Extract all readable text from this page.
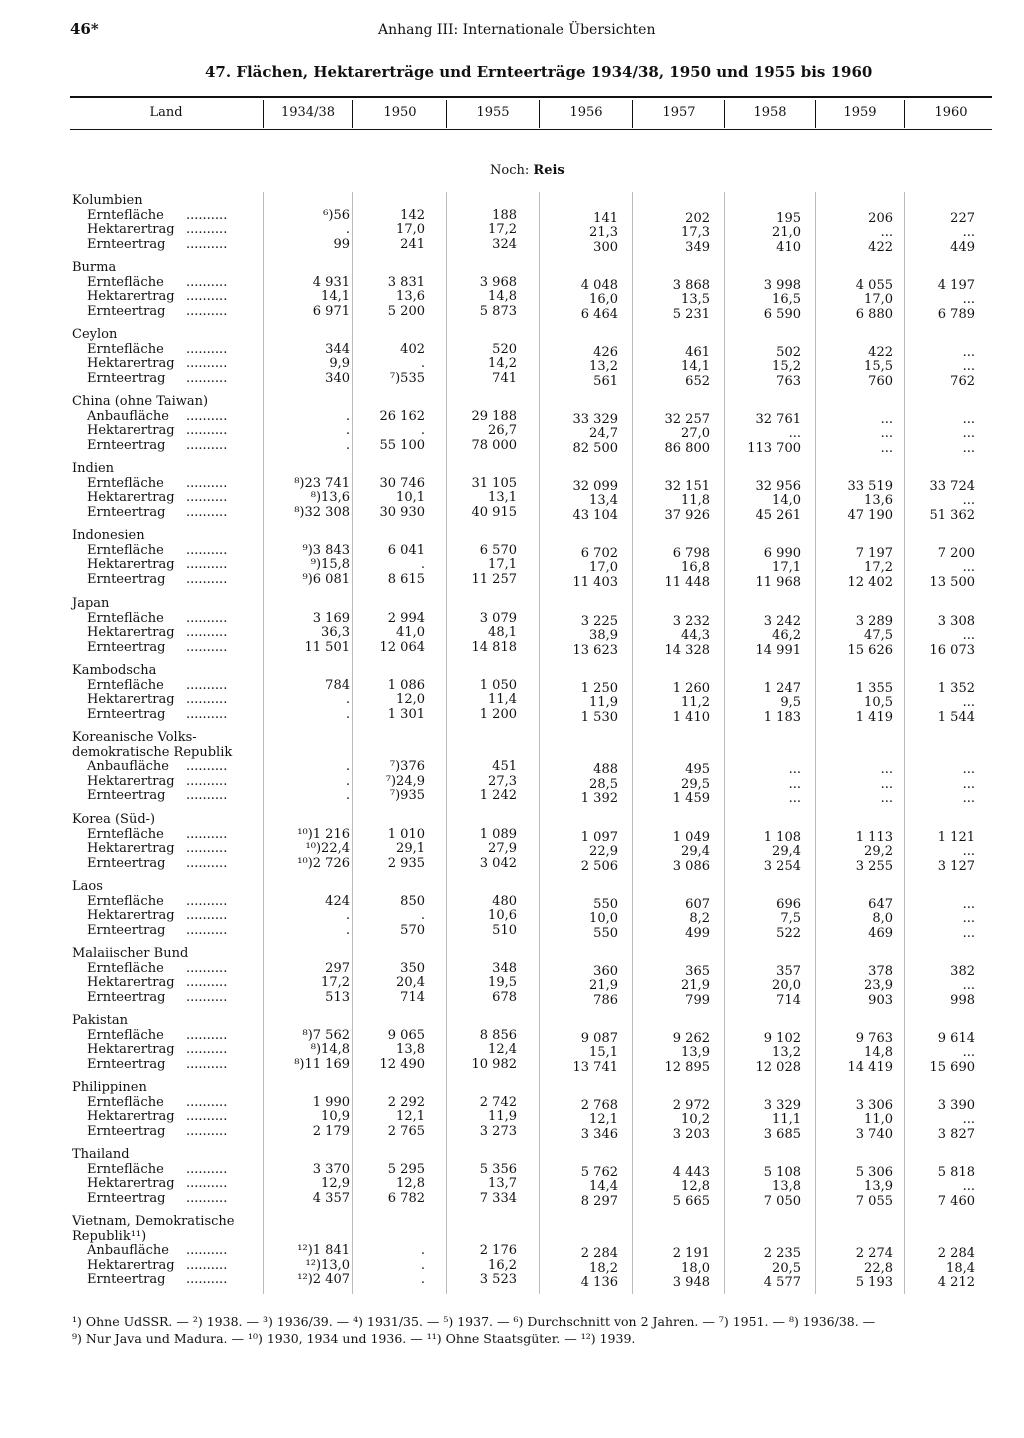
46*	Anhang III: Internationale Übersichten
47. Flächen, Hektarerträge und Ernteerträge 1934/38, 1950 und 1955 bis 1960
Land	1934/38	1950	1955	1956	1957	1958	1959	1960
Noch: Reis
Kolumbien
Erntefläche ..........	⁶)56	142	188	141	202	195	206	227
Hektarertrag ..........	.	17,0	17,2	21,3	17,3	21,0	...	...
Ernteertrag ..........	99	241	324	300	349	410	422	449
Burma
Erntefläche ..........	4 931	3 831	3 968	4 048	3 868	3 998	4 055	4 197
Hektarertrag ..........	14,1	13,6	14,8	16,0	13,5	16,5	17,0	...
Ernteertrag ..........	6 971	5 200	5 873	6 464	5 231	6 590	6 880	6 789
Ceylon
Erntefläche ..........	344	402	520	426	461	502	422	...
Hektarertrag ..........	9,9	.	14,2	13,2	14,1	15,2	15,5	...
Ernteertrag ..........	340	⁷)535	741	561	652	763	760	762
China (ohne Taiwan)
Anbaufläche ..........	.	26 162	29 188	33 329	32 257	32 761	...	...
Hektarertrag ..........	.	.	26,7	24,7	27,0	...	...	...
Ernteertrag ..........	.	55 100	78 000	82 500	86 800	113 700	...	...
Indien
Erntefläche ..........	⁸)23 741	30 746	31 105	32 099	32 151	32 956	33 519	33 724
Hektarertrag ..........	⁸)13,6	10,1	13,1	13,4	11,8	14,0	13,6	...
Ernteertrag ..........	⁸)32 308	30 930	40 915	43 104	37 926	45 261	47 190	51 362
Indonesien
Erntefläche ..........	⁹)3 843	6 041	6 570	6 702	6 798	6 990	7 197	7 200
Hektarertrag ..........	⁹)15,8	.	17,1	17,0	16,8	17,1	17,2	...
Ernteertrag ..........	⁹)6 081	8 615	11 257	11 403	11 448	11 968	12 402	13 500
Japan
Erntefläche ..........	3 169	2 994	3 079	3 225	3 232	3 242	3 289	3 308
Hektarertrag ..........	36,3	41,0	48,1	38,9	44,3	46,2	47,5	...
Ernteertrag ..........	11 501	12 064	14 818	13 623	14 328	14 991	15 626	16 073
Kambodscha
Erntefläche ..........	784	1 086	1 050	1 250	1 260	1 247	1 355	1 352
Hektarertrag ..........	.	12,0	11,4	11,9	11,2	9,5	10,5	...
Ernteertrag ..........	.	1 301	1 200	1 530	1 410	1 183	1 419	1 544
Koreanische Volks-
demokratische Republik
Anbaufläche ..........	.	⁷)376	451	488	495	...	...	...
Hektarertrag ..........	.	⁷)24,9	27,3	28,5	29,5	...	...	...
Ernteertrag ..........	.	⁷)935	1 242	1 392	1 459	...	...	...
Korea (Süd-)
Erntefläche ..........	¹⁰)1 216	1 010	1 089	1 097	1 049	1 108	1 113	1 121
Hektarertrag ..........	¹⁰)22,4	29,1	27,9	22,9	29,4	29,4	29,2	...
Ernteertrag ..........	¹⁰)2 726	2 935	3 042	2 506	3 086	3 254	3 255	3 127
Laos
Erntefläche ..........	424	850	480	550	607	696	647	...
Hektarertrag ..........	.	.	10,6	10,0	8,2	7,5	8,0	...
Ernteertrag ..........	.	570	510	550	499	522	469	...
Malaiischer Bund
Erntefläche ..........	297	350	348	360	365	357	378	382
Hektarertrag ..........	17,2	20,4	19,5	21,9	21,9	20,0	23,9	...
Ernteertrag ..........	513	714	678	786	799	714	903	998
Pakistan
Erntefläche ..........	⁸)7 562	9 065	8 856	9 087	9 262	9 102	9 763	9 614
Hektarertrag ..........	⁸)14,8	13,8	12,4	15,1	13,9	13,2	14,8	...
Ernteertrag ..........	⁸)11 169	12 490	10 982	13 741	12 895	12 028	14 419	15 690
Philippinen
Erntefläche ..........	1 990	2 292	2 742	2 768	2 972	3 329	3 306	3 390
Hektarertrag ..........	10,9	12,1	11,9	12,1	10,2	11,1	11,0	...
Ernteertrag ..........	2 179	2 765	3 273	3 346	3 203	3 685	3 740	3 827
Thailand
Erntefläche ..........	3 370	5 295	5 356	5 762	4 443	5 108	5 306	5 818
Hektarertrag ..........	12,9	12,8	13,7	14,4	12,8	13,8	13,9	...
Ernteertrag ..........	4 357	6 782	7 334	8 297	5 665	7 050	7 055	7 460
Vietnam, Demokratische
Republik¹¹)
Anbaufläche ..........	¹²)1 841	.	2 176	2 284	2 191	2 235	2 274	2 284
Hektarertrag ..........	¹²)13,0	.	16,2	18,2	18,0	20,5	22,8	18,4
Ernteertrag ..........	¹²)2 407	.	3 523	4 136	3 948	4 577	5 193	4 212
¹) Ohne UdSSR. — ²) 1938. — ³) 1936/39. — ⁴) 1931/35. — ⁵) 1937. — ⁶) Durchschnitt von 2 Jahren. — ⁷) 1951. — ⁸) 1936/38. —
⁹) Nur Java und Madura. — ¹⁰) 1930, 1934 und 1936. — ¹¹) Ohne Staatsgüter. — ¹²) 1939.
